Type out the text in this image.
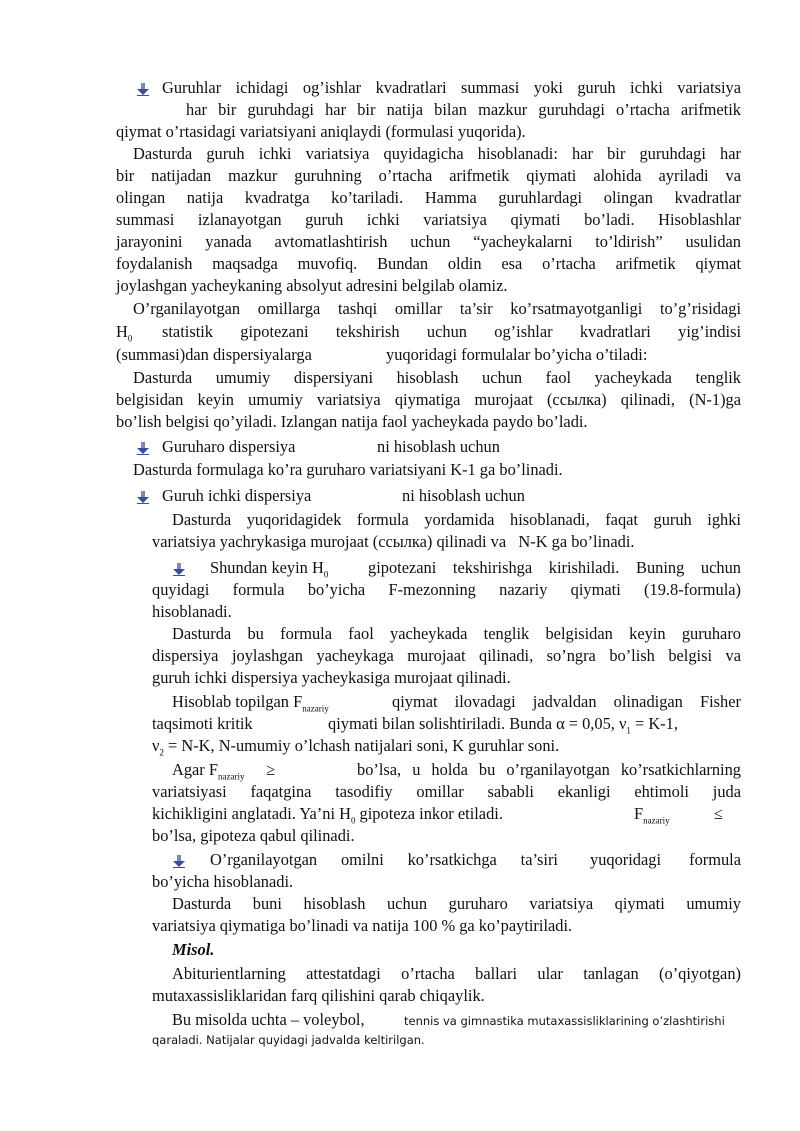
Guruhlar ichidagi og’ishlar kvadratlari summasi yoki guruh ichki variatsiya
har bir guruhdagi har bir natija bilan mazkur guruhdagi o’rtacha arifmetik
qiymat o’rtasidagi variatsiyani aniqlaydi (formulasi yuqorida).
Dasturda guruh ichki variatsiya quyidagicha hisoblanadi: har bir guruhdagi har
bir natijadan mazkur guruhning o’rtacha arifmetik qiymati alohida ayriladi va
olingan natija kvadratga ko’tariladi. Hamma guruhlardagi olingan kvadratlar
summasi izlanayotgan guruh ichki variatsiya qiymati bo’ladi. Hisoblashlar
jarayonini yanada avtomatlashtirish uchun “yacheykalarni to’ldirish” usulidan
foydalanish maqsadga muvofiq. Bundan oldin esa o’rtacha arifmetik qiymat
joylashgan yacheykaning absolyut adresini belgilab olamiz.
O’rganilayotgan omillarga tashqi omillar ta’sir ko’rsatmayotganligi to’g’risidagi
$H_0$ statistik gipotezani tekshirish uchun og’ishlar kvadratlari yig’indisi
(summasi)dan dispersiyalarga	yuqoridagi formulalar bo’yicha o’tiladi:
Dasturda umumiy dispersiyani hisoblash uchun faol yacheykada tenglik
belgisidan keyin umumiy variatsiya qiymatiga murojaat (ссылка) qilinadi, (N-1)ga
bo’lish belgisi qo’yiladi. Izlangan natija faol yacheykada paydo bo’ladi.
Guruharo dispersiya	ni hisoblash uchun
Dasturda formulaga ko’ra guruharo variatsiyani K-1 ga bo’linadi.
Guruh ichki dispersiya	ni hisoblash uchun
Dasturda yuqoridagidek formula yordamida hisoblanadi, faqat guruh ighki
variatsiya yachrykasiga murojaat (ссылка) qilinadi va   N-K ga bo’linadi.
Shundan keyin $H_0$ gipotezani tekshirishga kirishiladi. Buning uchun
quyidagi formula bo’yicha F-mezonning nazariy qiymati (19.8-formula)
hisoblanadi.
Dasturda bu formula faol yacheykada tenglik belgisidan keyin guruharo
dispersiya joylashgan yacheykaga murojaat qilinadi, so’ngra bo’lish belgisi va
guruh ichki dispersiya yacheykasiga murojaat qilinadi.
Hisoblab topilgan $F_{nazariy}$	qiymat ilovadagi jadvaldan olinadigan Fisher
taqsimoti kritik	qiymati bilan solishtiriladi. Bunda α = 0,05, $\nu_1 = K-1$,
$\nu_2 = N-K$, N-umumiy o’lchash natijalari soni, K guruhlar soni.
Agar $F_{nazariy}$ ≥	bo’lsa, u holda bu o’rganilayotgan ko’rsatkichlarning
variatsiyasi faqatgina tasodifiy omillar sababli ekanligi ehtimoli juda
kichikligini anglatadi. Ya’ni $H_0$ gipoteza inkor etiladi.	$F_{nazariy}$	≤
bo’lsa, gipoteza qabul qilinadi.
O’rganilayotgan omilni ko’rsatkichga ta’siri yuqoridagi formula
bo’yicha hisoblanadi.
Dasturda buni hisoblash uchun guruharo variatsiya qiymati umumiy
variatsiya qiymatiga bo’linadi va natija 100 % ga ko’paytiriladi.
Misol.
Abiturientlarning attestatdagi o’rtacha ballari ular tanlagan (o’qiyotgan)
mutaxassisliklaridan farq qilishini qarab chiqaylik.
Bu misolda uchta – voleybol,	tennis va gimnastika mutaxassisliklarining o’zlashtirishi
qaraladi. Natijalar quyidagi jadvalda keltirilgan.
